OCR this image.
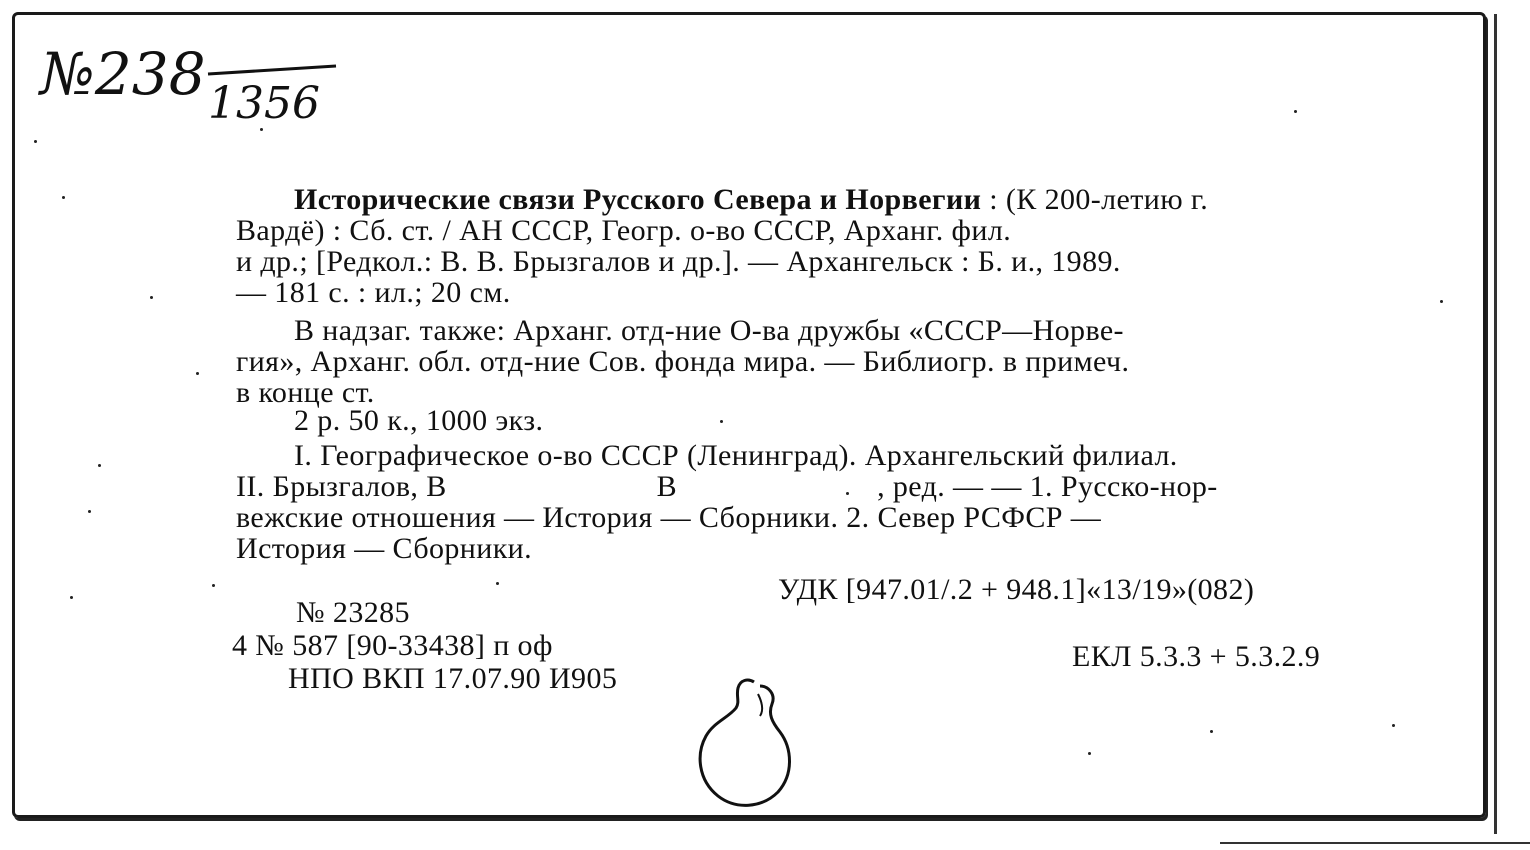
№238 1356
Исторические связи Русского Севера и Норвегии : (К 200-летию г.
Вардё) : Сб. ст. / АН СССР, Геогр. о-во СССР, Арханг. фил.
и др.; [Редкол.: В. В. Брызгалов и др.]. — Архангельск : Б. и., 1989.
— 181 с. : ил.; 20 см.
В надзаг. также: Арханг. отд-ние О-ва дружбы «СССР—Норве-
гия», Арханг. обл. отд-ние Сов. фонда мира. — Библиогр. в примеч.
в конце ст.
2 р. 50 к., 1000 экз.
I. Географическое о-во СССР (Ленинград). Архангельский филиал.
II. Брызгалов, В	В	, ред. — — 1. Русско-нор-
вежские отношения — История — Сборники. 2. Север РСФСР —
История — Сборники.
УДК [947.01/.2 + 948.1]«13/19»(082)
№ 23285
4 № 587 [90-33438] п оф	ЕКЛ 5.3.3 + 5.3.2.9
НПО ВКП 17.07.90 И905
